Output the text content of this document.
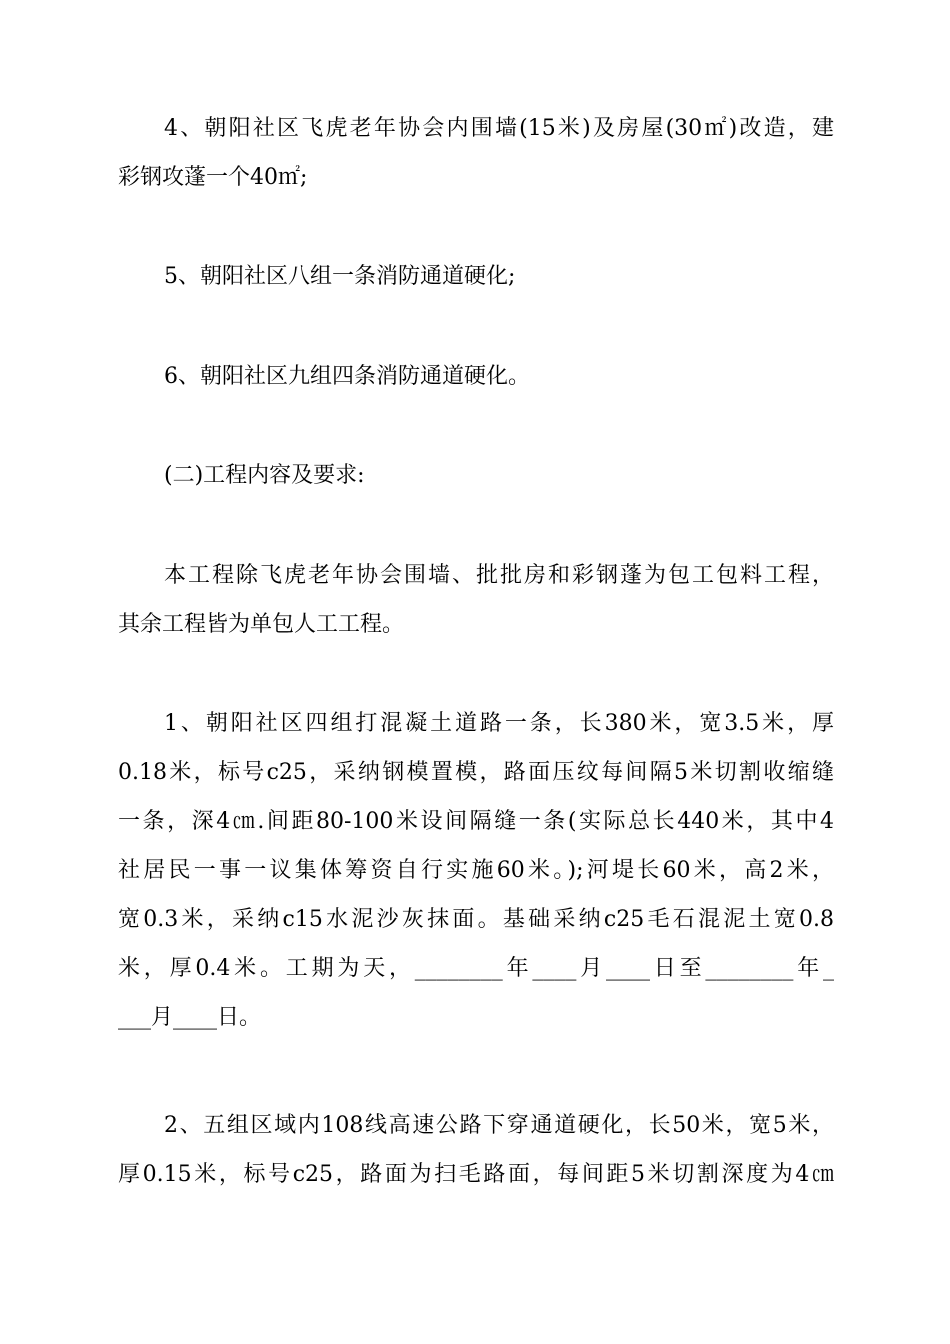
4、朝阳社区飞虎老年协会内围墙(15米)及房屋(30㎡)改造，建
彩钢攻蓬一个40㎡;
5、朝阳社区八组一条消防通道硬化;
6、朝阳社区九组四条消防通道硬化。
(二)工程内容及要求:
本工程除飞虎老年协会围墙、批批房和彩钢蓬为包工包料工程，
其余工程皆为单包人工工程。
1、朝阳社区四组打混凝土道路一条，长380米，宽3.5米，厚
0.18米，标号c25，采纳钢模置模，路面压纹每间隔5米切割收缩缝
一条，深4㎝.间距80-100米设间隔缝一条(实际总长440米，其中4
社居民一事一议集体筹资自行实施60米。);河堤长60米，高2米，
宽0.3米，采纳c15水泥沙灰抹面。基础采纳c25毛石混泥土宽0.8
米，厚0.4米。工期为天，________年____月____日至________年_
___月____日。
2、五组区域内108线高速公路下穿通道硬化，长50米，宽5米，
厚0.15米，标号c25，路面为扫毛路面，每间距5米切割深度为4㎝
